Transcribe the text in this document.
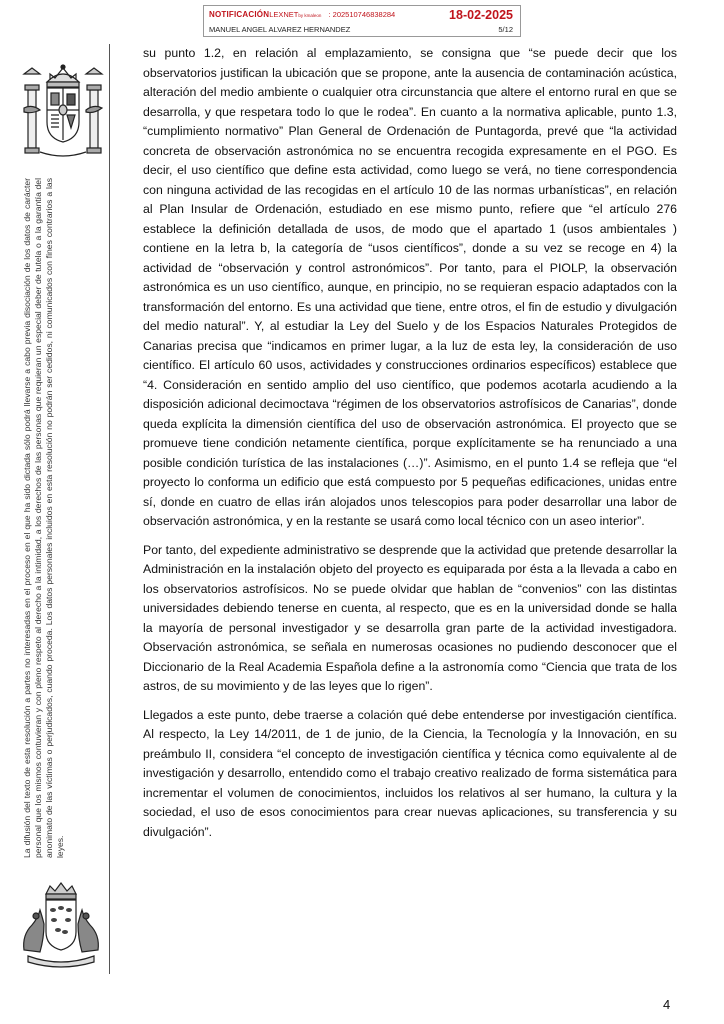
NOTIFICACIÓNLEXNETby kmaleon : 202510746838284	18-02-2025
MANUEL ANGEL ALVAREZ HERNANDEZ	5/12
La difusión del texto de esta resolución a partes no interesadas en el proceso en el que ha sido dictada sólo podrá llevarse a cabo previa disociación de los datos de carácter personal que los mismos contuvieran y con pleno respeto al derecho a la intimidad, a los derechos de las personas que requieran un especial deber de tutela o a la garantía del anonimato de las víctimas o perjudicados, cuando proceda. Los datos personales incluidos en esta resolución no podrán ser cedidos, ni comunicados con fines contrarios a las leyes.

su punto 1.2, en relación al emplazamiento, se consigna que “se puede decir que los observatorios justifican la ubicación que se propone, ante la ausencia de contaminación acústica, alteración del medio ambiente o cualquier otra circunstancia que altere el entorno rural en que se desarrolla, y que respetara todo lo que le rodea”. En cuanto a la normativa aplicable, punto 1.3, “cumplimiento normativo” Plan General de Ordenación de Puntagorda, prevé que “la actividad concreta de observación astronómica no se encuentra recogida expresamente en el PGO. Es decir, el uso científico que define esta actividad, como luego se verá, no tiene correspondencia con ninguna actividad de las recogidas en el artículo 10 de las normas urbanísticas”, en relación al Plan Insular de Ordenación, estudiado en ese mismo punto, refiere que “el artículo 276 establece la definición detallada de usos, de modo que el apartado 1 (usos ambientales ) contiene en la letra b, la categoría de “usos científicos”, donde a su vez se recoge en 4) la actividad de “observación y control astronómicos”. Por tanto, para el PIOLP, la observación astronómica es un uso científico, aunque, en principio, no se requieran espacio adaptados con la transformación del entorno. Es una actividad que tiene, entre otros, el fin de estudio y divulgación del medio natural”. Y, al estudiar la Ley del Suelo y de los Espacios Naturales Protegidos de Canarias precisa que “indicamos en primer lugar, a la luz de esta ley, la consideración de uso científico. El artículo 60 usos, actividades y construcciones ordinarios específicos) establece que “4. Consideración en sentido amplio del uso científico, que podemos acotarla acudiendo a la disposición adicional decimoctava “régimen de los observatorios astrofísicos de Canarias”, donde queda explícita la dimensión científica del uso de observación astronómica. El proyecto que se promueve tiene condición netamente científica, porque explícitamente se ha renunciado a una posible condición turística de las instalaciones (…)”. Asimismo, en el punto 1.4 se refleja que “el proyecto lo conforma un edificio que está compuesto por 5 pequeñas edificaciones, unidas entre sí, donde en cuatro de ellas irán alojados unos telescopios para poder desarrollar una labor de observación astronómica, y en la restante se usará como local técnico con un aseo interior”.

Por tanto, del expediente administrativo se desprende que la actividad que pretende desarrollar la Administración en la instalación objeto del proyecto es equiparada por ésta a la llevada a cabo en los observatorios astrofísicos. No se puede olvidar que hablan de “convenios” con las distintas universidades debiendo tenerse en cuenta, al respecto, que es en la universidad donde se halla la mayoría de personal investigador y se desarrolla gran parte de la actividad investigadora. Observación astronómica, se señala en numerosas ocasiones no pudiendo desconocer que el Diccionario de la Real Academia Española define a la astronomía como “Ciencia que trata de los astros, de su movimiento y de las leyes que lo rigen”.

Llegados a este punto, debe traerse a colación qué debe entenderse por investigación científica. Al respecto, la Ley 14/2011, de 1 de junio, de la Ciencia, la Tecnología y la Innovación, en su preámbulo II, considera “el concepto de investigación científica y técnica como equivalente al de investigación y desarrollo, entendido como el trabajo creativo realizado de forma sistemática para incrementar el volumen de conocimientos, incluidos los relativos al ser humano, la cultura y la sociedad, el uso de esos conocimientos para crear nuevas aplicaciones, su transferencia y su divulgación”.

4
